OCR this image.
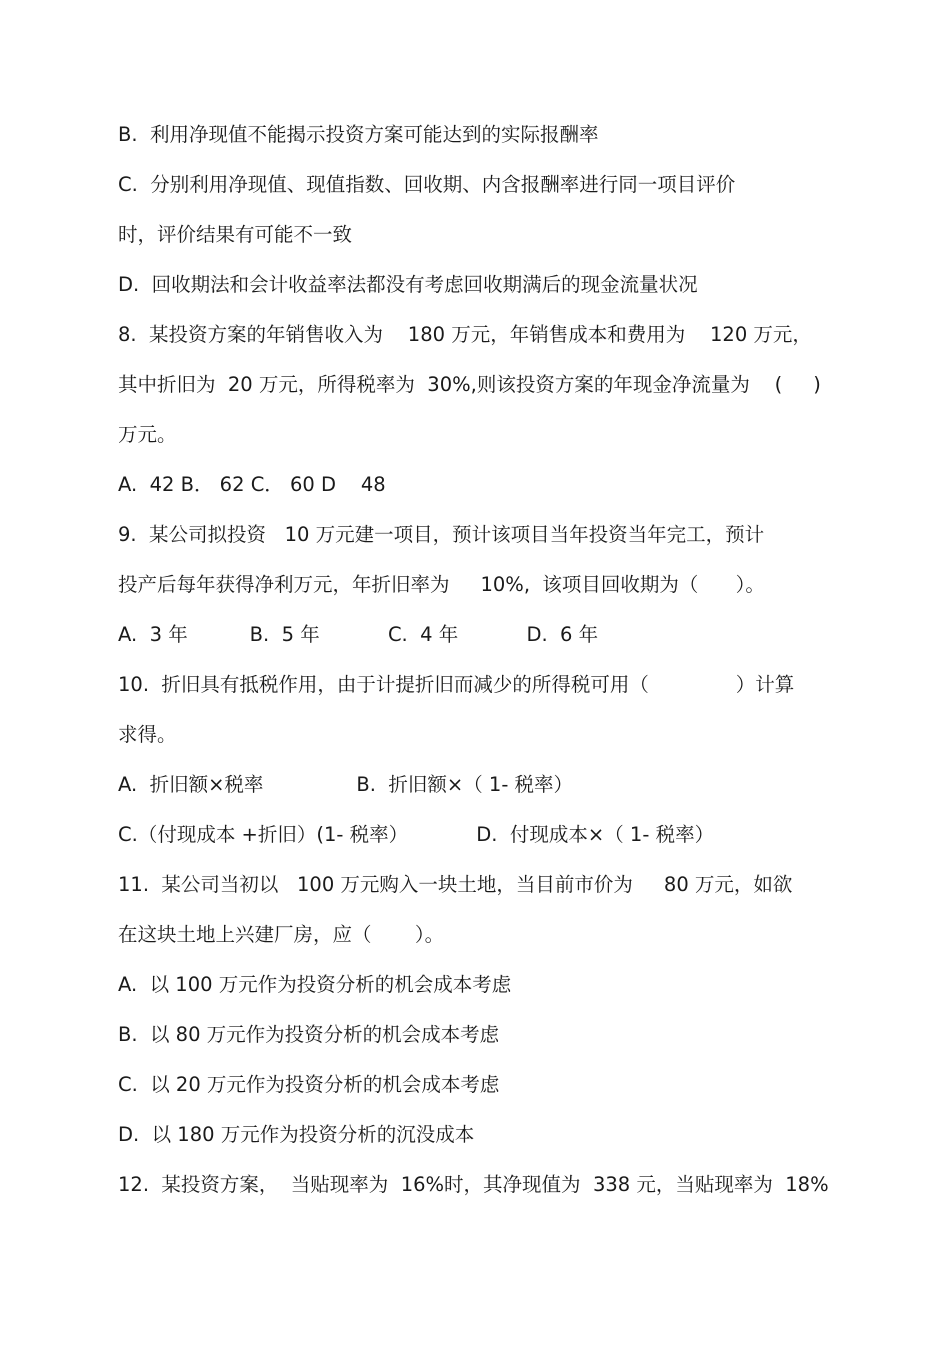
B.  利用净现值不能揭示投资方案可能达到的实际报酬率
C.  分别利用净现值、现值指数、回收期、内含报酬率进行同一项目评价
时，评价结果有可能不一致
D.  回收期法和会计收益率法都没有考虑回收期满后的现金流量状况
8.  某投资方案的年销售收入为    180 万元，年销售成本和费用为    120 万元，
其中折旧为  20 万元，所得税率为  30%,则该投资方案的年现金净流量为    (     )
万元。
A.  42 B． 62 C． 60 D    48
9.  某公司拟投资   10 万元建一项目，预计该项目当年投资当年完工，预计
投产后每年获得净利万元，年折旧率为     10%,  该项目回收期为（      ）。
A.  3 年          B.  5 年           C.  4 年           D.  6 年
10.  折旧具有抵税作用，由于计提折旧而减少的所得税可用（              ）计算
求得。
A.  折旧额×税率               B.  折旧额×（ 1- 税率）
C.（付现成本 +折旧）(1- 税率）           D.  付现成本×（ 1- 税率）
11.  某公司当初以   100 万元购入一块土地，当目前市价为     80 万元，如欲
在这块土地上兴建厂房，应（       ）。
A.  以 100 万元作为投资分析的机会成本考虑
B.  以 80 万元作为投资分析的机会成本考虑
C.  以 20 万元作为投资分析的机会成本考虑
D.  以 180 万元作为投资分析的沉没成本
12.  某投资方案，  当贴现率为  16%时，其净现值为  338 元，当贴现率为  18%
